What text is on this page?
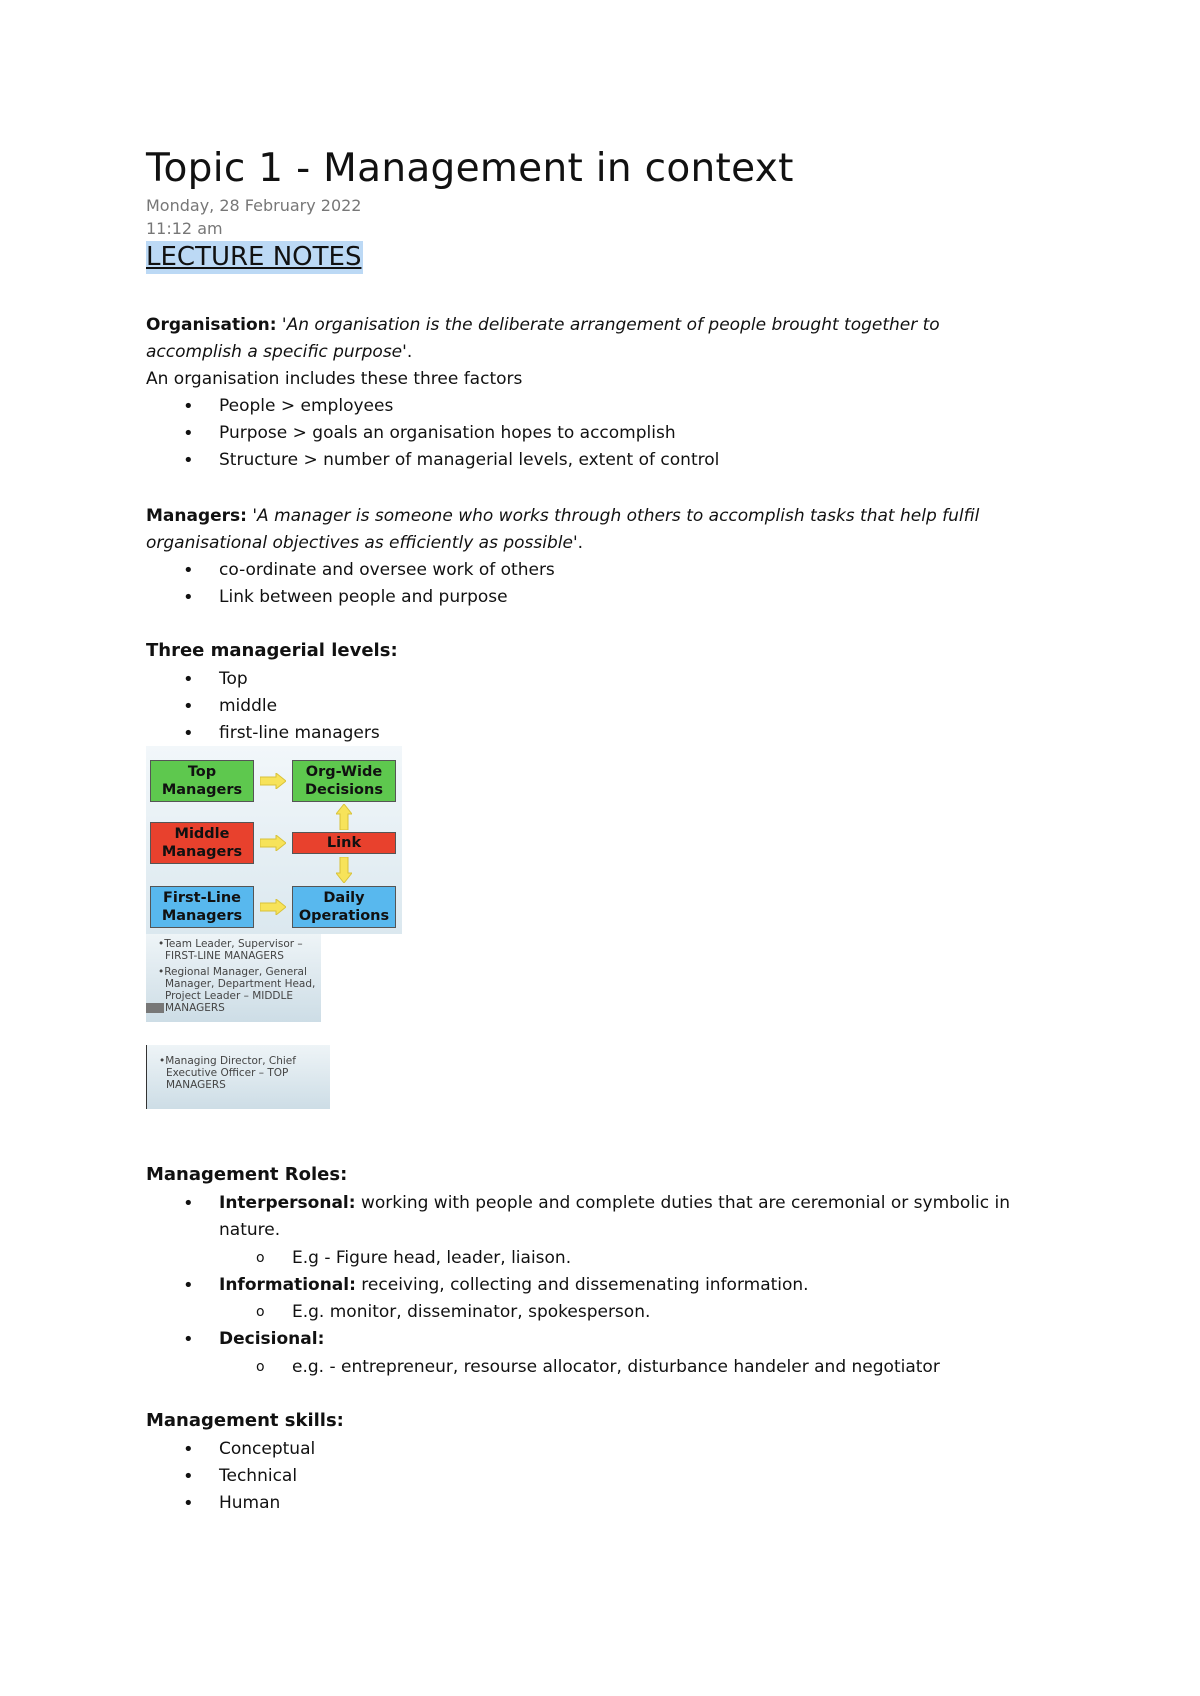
Topic 1 - Management in context
Monday, 28 February 2022
11:12 am
LECTURE NOTES
Organisation: 'An organisation is the deliberate arrangement of people brought together to
accomplish a specific purpose'.
An organisation includes these three factors
• People > employees
• Purpose > goals an organisation hopes to accomplish
• Structure > number of managerial levels, extent of control
Managers: 'A manager is someone who works through others to accomplish tasks that help fulfil
organisational objectives as efficiently as possible'.
• co-ordinate and oversee work of others
• Link between people and purpose
Three managerial levels:
• Top
• middle
• first-line managers
Management Roles:
• Interpersonal: working with people and complete duties that are ceremonial or symbolic in
nature.
o E.g - Figure head, leader, liaison.
• Informational: receiving, collecting and dissemenating information.
o E.g. monitor, disseminator, spokesperson.
• Decisional:
o e.g. - entrepreneur, resourse allocator, disturbance handeler and negotiator
Management skills:
• Conceptual
• Technical
• Human
Top Managers
Middle Managers
First-Line Managers
Org-Wide Decisions
Link
Daily Operations

•Team Leader, Supervisor –

FIRST-LINE MANAGERS

•Regional Manager, General

Manager, Department Head,

Project Leader – MIDDLE

MANAGERS

•Managing Director, Chief

Executive Officer – TOP

MANAGERS
